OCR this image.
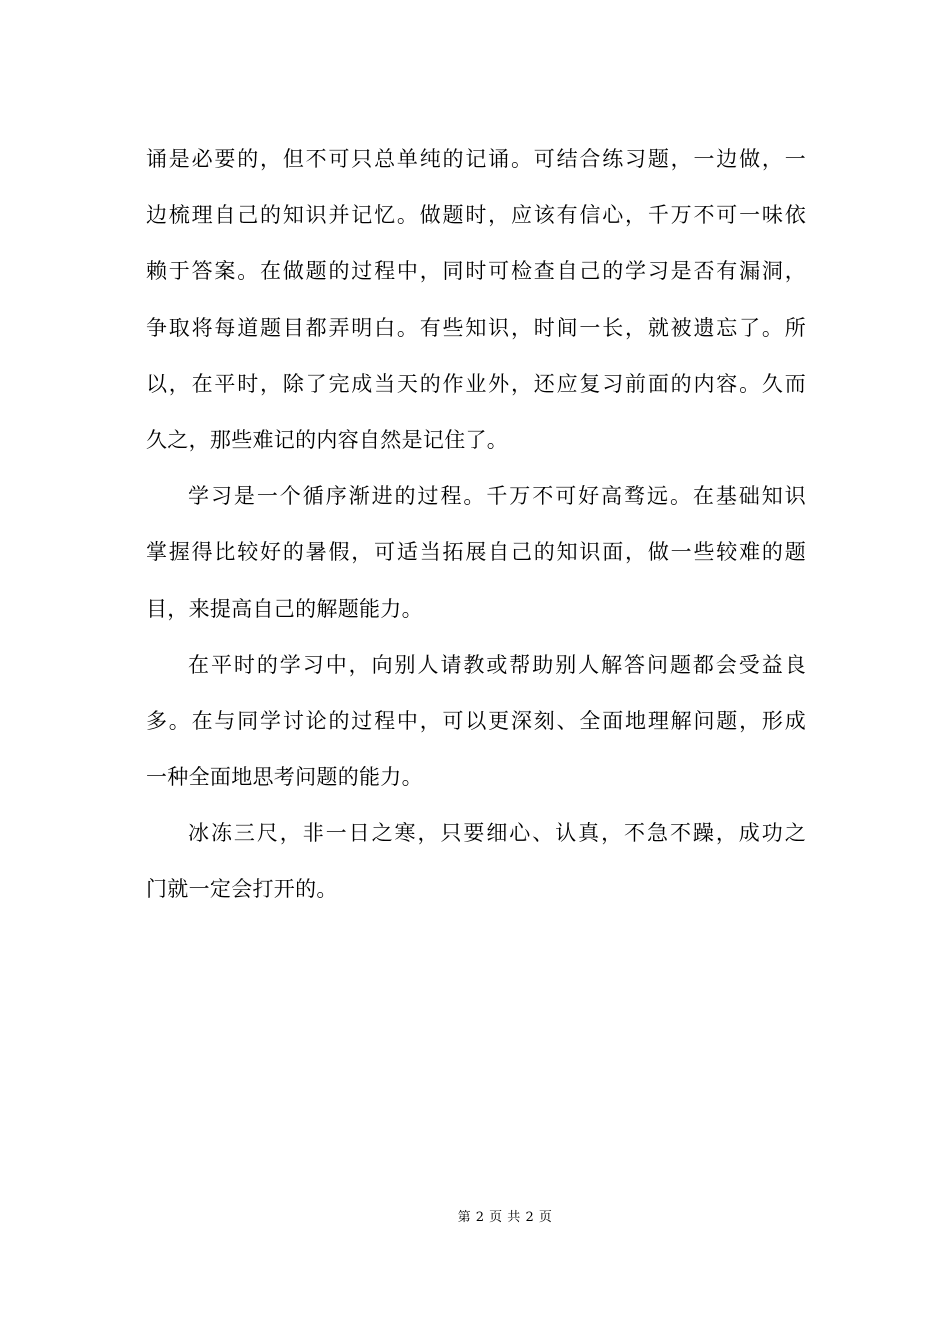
诵是必要的，但不可只总单纯的记诵。可结合练习题，一边做，一
边梳理自己的知识并记忆。做题时，应该有信心，千万不可一味依
赖于答案。在做题的过程中，同时可检查自己的学习是否有漏洞，
争取将每道题目都弄明白。有些知识，时间一长，就被遗忘了。所
以，在平时，除了完成当天的作业外，还应复习前面的内容。久而
久之，那些难记的内容自然是记住了。
学习是一个循序渐进的过程。千万不可好高骛远。在基础知识
掌握得比较好的暑假，可适当拓展自己的知识面，做一些较难的题
目，来提高自己的解题能力。
在平时的学习中，向别人请教或帮助别人解答问题都会受益良
多。在与同学讨论的过程中，可以更深刻、全面地理解问题，形成
一种全面地思考问题的能力。
冰冻三尺，非一日之寒，只要细心、认真，不急不躁，成功之
门就一定会打开的。
第 2 页 共 2 页
